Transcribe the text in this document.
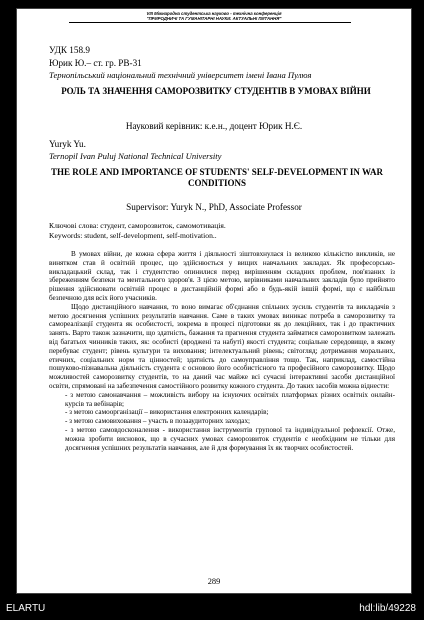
VIII Міжнародна студентська науково - технічна конференція
"ПРИРОДНИЧІ ТА ГУМАНІТАРНІ НАУКИ. АКТУАЛЬНІ ПИТАННЯ"
УДК 158.9
Юрик Ю.– ст. гр. РВ-31
Тернопільський національний технічний університет імені Івана Пулюя
РОЛЬ ТА ЗНАЧЕННЯ САМОРОЗВИТКУ СТУДЕНТІВ В УМОВАХ ВІЙНИ
Науковий керівник: к.е.н., доцент Юрик Н.Є.
Yuryk Yu.
Ternopil Ivan Puluj National Technical University
THE ROLE AND IMPORTANCE OF STUDENTS' SELF-DEVELOPMENT IN WAR CONDITIONS
Supervisor: Yuryk N., PhD, Associate Professor
Ключові слова: студент, саморозвиток, самомотивація.
Keywords: student, self-development, self-motivation..

В умовах війни, де кожна сфера життя і діяльності зіштовхнулася із великою кількістю викликів, не винятком став й освітній процес, що здійснюється у вищих навчальних закладах. Як професорсько-викладацький склад, так і студентство опинилися перед вирішенням складних проблем, пов'язаних із збереженням безпеки та ментального здоров'я. З цією метою, керівниками навчальних закладів було прийнято рішення здійснювати освітній процес в дистанційній формі або в будь-якій іншій формі, що є найбільш безпечною для всіх його учасників.

Щодо дистанційного навчання, то воно вимагає об'єднання спільних зусиль студентів та викладачів з метою досягнення успішних результатів навчання. Саме в таких умовах виникає потреба в саморозвитку та самореалізації студента як особистості, зокрема в процесі підготовки як до лекційних, так і до практичних занять. Варто також зазначити, що здатність, бажання та прагнення студента займатися саморозвитком залежать від багатьох чинників таких, як: особисті (вроджені та набуті) якості студента; соціальне середовище, в якому перебуває студент; рівень культури та виховання; інтелектуальний рівень; світогляд; дотримання моральних, етичних, соціальних норм та цінностей; здатність до самоуправління тощо. Так, наприклад, самостійна пошуково-пізнавальна діяльність студента є основою його особистісного та професійного саморозвитку. Щодо можливостей саморозвитку студентів, то на даний час майже всі сучасні інтерактивні засоби дистанційної освіти, спрямовані на забезпечення самостійного розвитку кожного студента. До таких засобів можна віднести:

- з метою самонавчання – можливість вибору на існуючих освітніх платформах різних освітніх онлайн-курсів та вебінарів;

- з метою самоорганізації – використання електронних календарів;

- з метою самовиховання – участь в позааудиторних заходах;

- з метою самовдосконалення - використання інструментів групової та індивідуальної рефлексії. Отже, можна зробити висновок, що в сучасних умовах саморозвиток студентів є необхідним не тільки для досягнення успішних результатів навчання, але й для формування їх як творчих особистостей.

289
ELARTU	hdl:lib/49228
